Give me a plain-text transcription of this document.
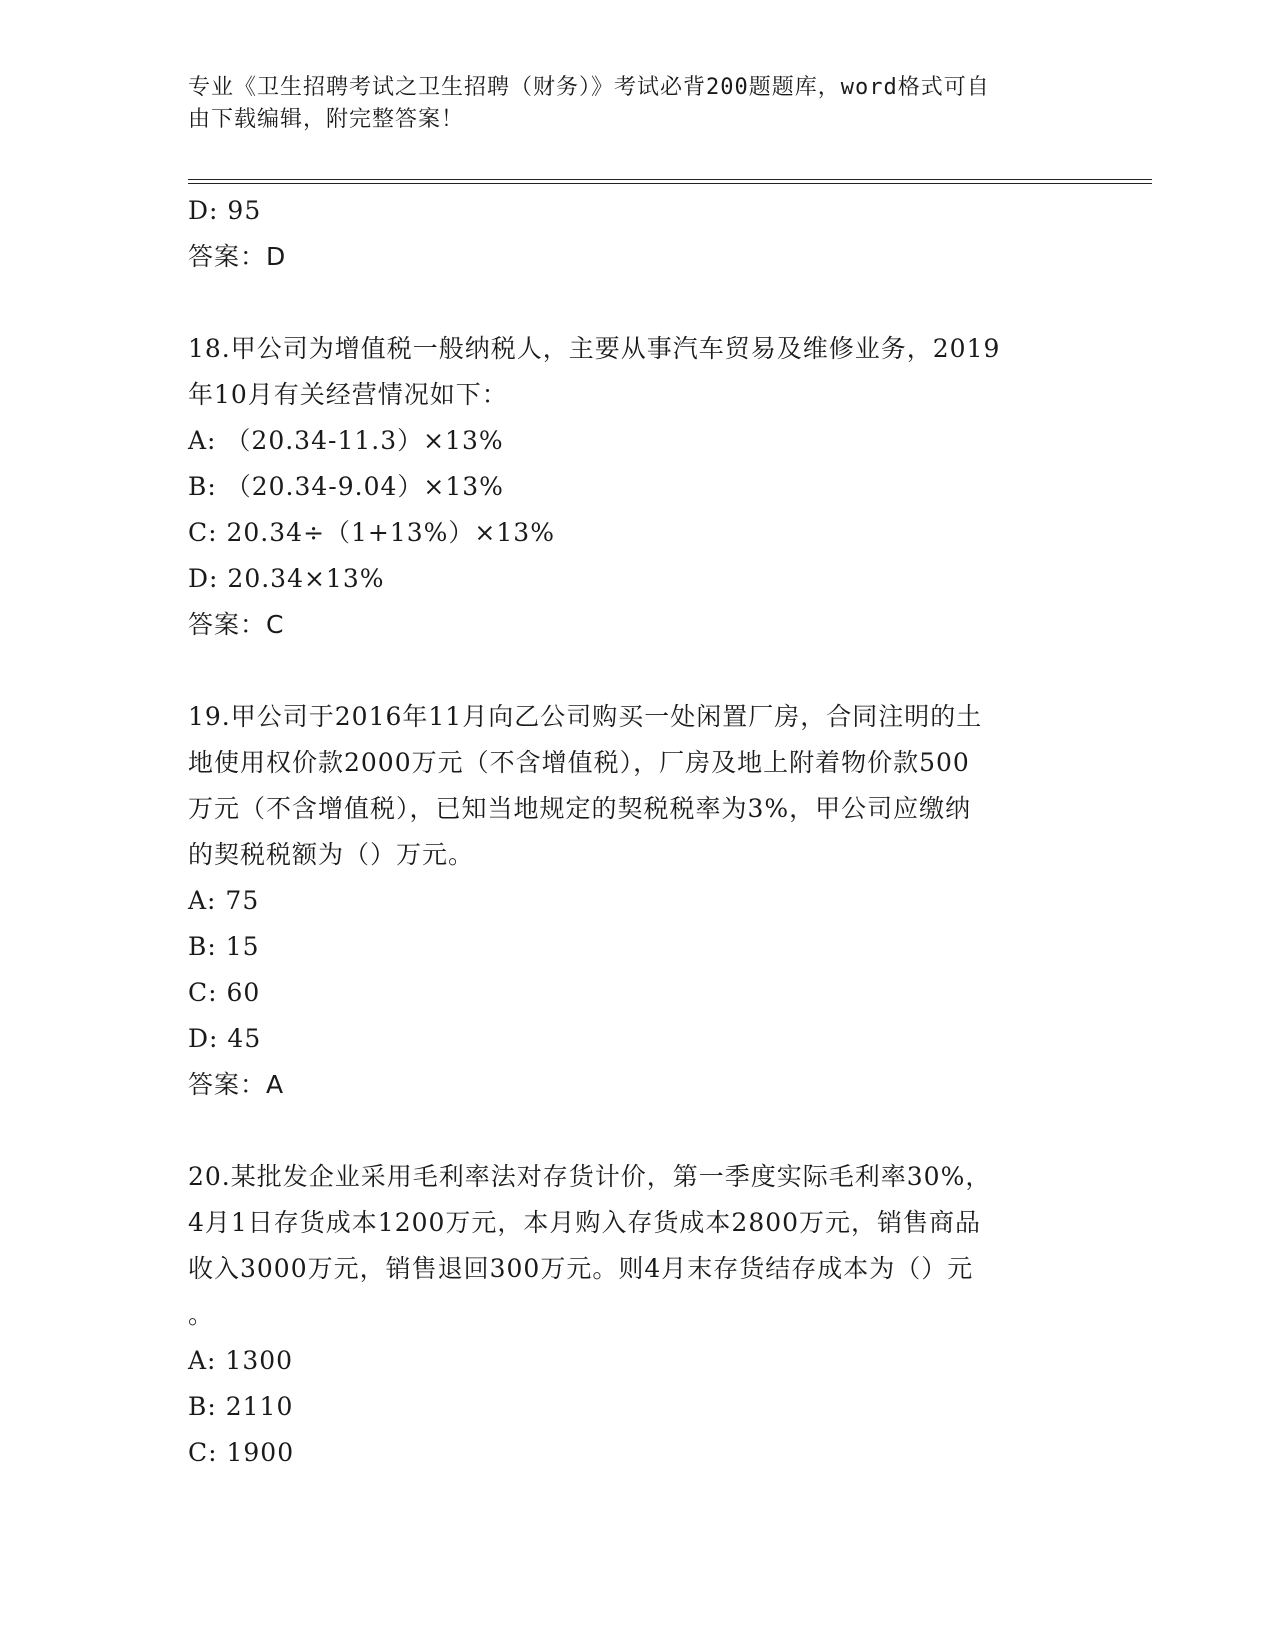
专业《卫生招聘考试之卫生招聘（财务）》考试必背200题题库，word格式可自
由下载编辑，附完整答案！
D: 95
答案：D
18.甲公司为增值税一般纳税人，主要从事汽车贸易及维修业务，2019
年10月有关经营情况如下：
A: （20.34-11.3）×13%
B: （20.34-9.04）×13%
C: 20.34÷（1+13%）×13%
D: 20.34×13%
答案：C
19.甲公司于2016年11月向乙公司购买一处闲置厂房，合同注明的土
地使用权价款2000万元（不含增值税），厂房及地上附着物价款500
万元（不含增值税），已知当地规定的契税税率为3%，甲公司应缴纳
的契税税额为（）万元。
A: 75
B: 15
C: 60
D: 45
答案：A
20.某批发企业采用毛利率法对存货计价，第一季度实际毛利率30%，
4月1日存货成本1200万元，本月购入存货成本2800万元，销售商品
收入3000万元，销售退回300万元。则4月末存货结存成本为（）元
。
A: 1300
B: 2110
C: 1900
